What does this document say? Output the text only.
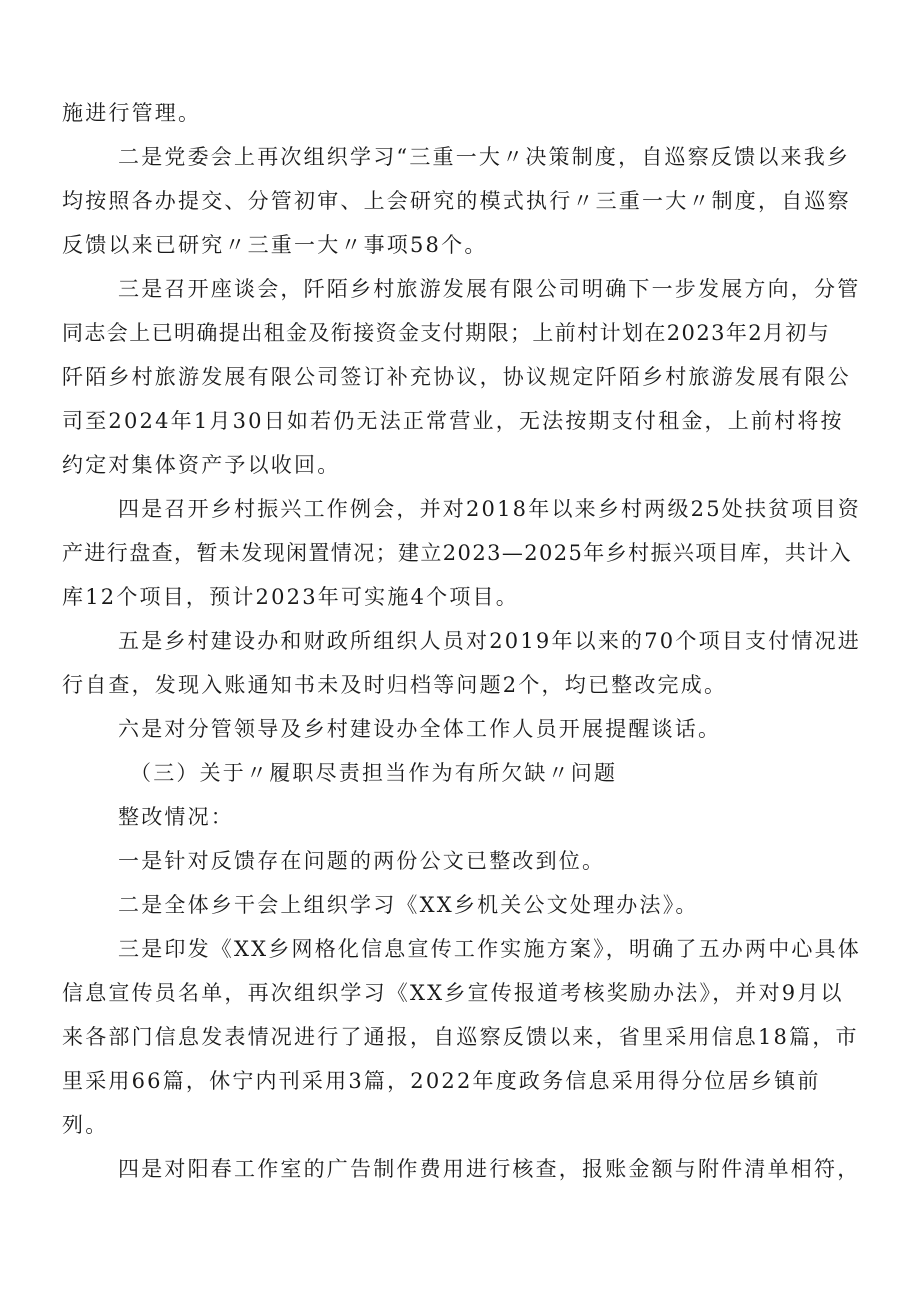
施进行管理。

二是党委会上再次组织学习“三重一大〃决策制度，自巡察反馈以来我乡

均按照各办提交、分管初审、上会研究的模式执行〃三重一大〃制度，自巡察

反馈以来已研究〃三重一大〃事项58个。

三是召开座谈会，阡陌乡村旅游发展有限公司明确下一步发展方向，分管

同志会上已明确提出租金及衔接资金支付期限；上前村计划在2023年2月初与

阡陌乡村旅游发展有限公司签订补充协议，协议规定阡陌乡村旅游发展有限公

司至2024年1月30日如若仍无法正常营业，无法按期支付租金，上前村将按

约定对集体资产予以收回。

四是召开乡村振兴工作例会，并对2018年以来乡村两级25处扶贫项目资

产进行盘查，暂未发现闲置情况；建立2023—2025年乡村振兴项目库，共计入

库12个项目，预计2023年可实施4个项目。

五是乡村建设办和财政所组织人员对2019年以来的70个项目支付情况进

行自查，发现入账通知书未及时归档等问题2个，均已整改完成。

六是对分管领导及乡村建设办全体工作人员开展提醒谈话。

（三）关于〃履职尽责担当作为有所欠缺〃问题

整改情况：

一是针对反馈存在问题的两份公文已整改到位。

二是全体乡干会上组织学习《XX乡机关公文处理办法》。

三是印发《XX乡网格化信息宣传工作实施方案》，明确了五办两中心具体

信息宣传员名单，再次组织学习《XX乡宣传报道考核奖励办法》，并对9月以

来各部门信息发表情况进行了通报，自巡察反馈以来，省里采用信息18篇，市

里采用66篇，休宁内刊采用3篇，2022年度政务信息采用得分位居乡镇前

列。

四是对阳春工作室的广告制作费用进行核查，报账金额与附件清单相符，
